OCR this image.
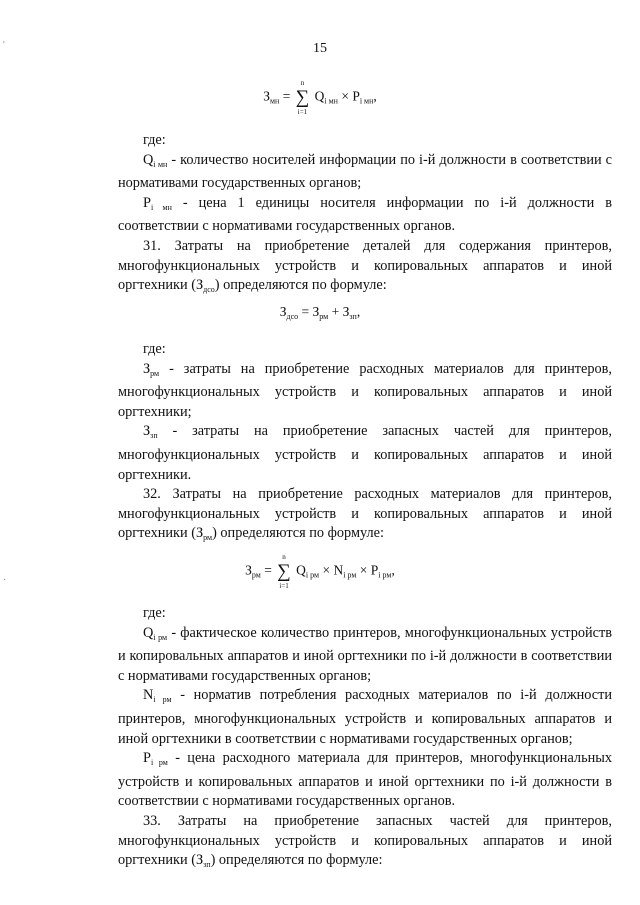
'
·
15
$З_{мн}$ = ∑
n
i=1
$Q_{i мн} \times P_{i мн}$,

где:

$Q_{i мн}$ - количество носителей информации по i-й должности в соответствии с нормативами государственных органов;

$P_{i мн}$ - цена 1 единицы носителя информации по i-й должности в соответствии с нормативами государственных органов.

31. Затраты на приобретение деталей для содержания принтеров, многофункциональных устройств и копировальных аппаратов и иной оргтехники $(З_{дсо})$ определяются по формуле:

$З_{дсо} = З_{рм} + З_{зп}$,

где:

$З_{рм}$ - затраты на приобретение расходных материалов для принтеров, многофункциональных устройств и копировальных аппаратов и иной оргтехники;

$З_{зп}$ - затраты на приобретение запасных частей для принтеров, многофункциональных устройств и копировальных аппаратов и иной оргтехники.

32. Затраты на приобретение расходных материалов для принтеров, многофункциональных устройств и копировальных аппаратов и иной оргтехники $(З_{рм})$ определяются по формуле:

$З_{рм}$ = ∑
n
i=1
$Q_{i рм} \times N_{i рм} \times P_{i рм}$,

где:

$Q_{i рм}$ - фактическое количество принтеров, многофункциональных устройств и копировальных аппаратов и иной оргтехники по i-й должности в соответствии с нормативами государственных органов;

$N_{i рм}$ - норматив потребления расходных материалов по i-й должности принтеров, многофункциональных устройств и копировальных аппаратов и иной оргтехники в соответствии с нормативами государственных органов;

$P_{i рм}$ - цена расходного материала для принтеров, многофункциональных устройств и копировальных аппаратов и иной оргтехники по i-й должности в соответствии с нормативами государственных органов.

33. Затраты на приобретение запасных частей для принтеров, многофункциональных устройств и копировальных аппаратов и иной оргтехники $(З_{зп})$ определяются по формуле:
